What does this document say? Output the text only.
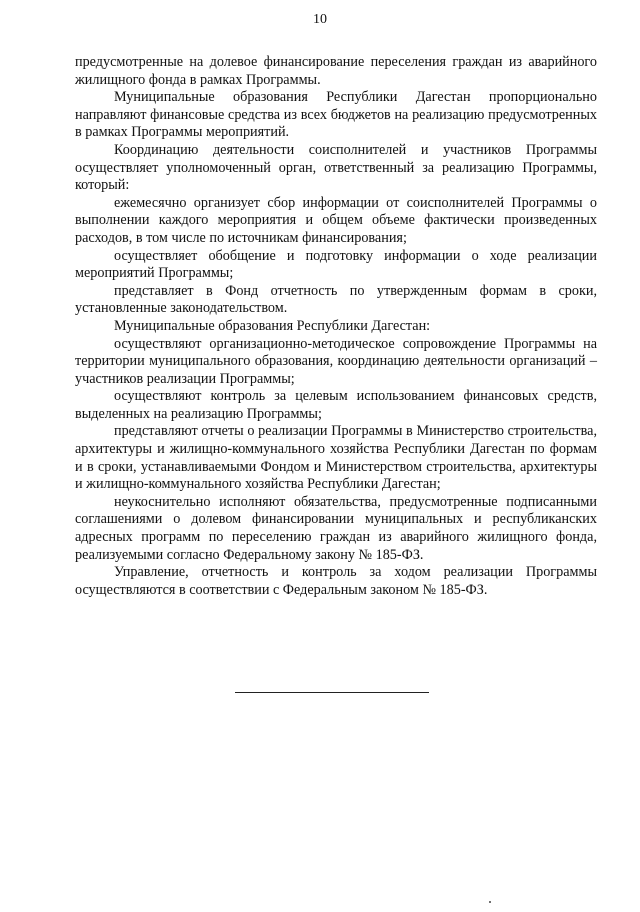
10

предусмотренные на долевое финансирование переселения граждан из аварийного жилищного фонда в рамках Программы.

Муниципальные образования Республики Дагестан пропорционально направляют финансовые средства из всех бюджетов на реализацию предусмотренных в рамках Программы мероприятий.

Координацию деятельности соисполнителей и участников Программы осуществляет уполномоченный орган, ответственный за реализацию Программы, который:

ежемесячно организует сбор информации от соисполнителей Программы о выполнении каждого мероприятия и общем объеме фактически произведенных расходов, в том числе по источникам финансирования;

осуществляет обобщение и подготовку информации о ходе реализации мероприятий Программы;

представляет в Фонд отчетность по утвержденным формам в сроки, установленные законодательством.

Муниципальные образования Республики Дагестан:

осуществляют организационно-методическое сопровождение Программы на территории муниципального образования, координацию деятельности организаций – участников реализации Программы;

осуществляют контроль за целевым использованием финансовых средств, выделенных на реализацию Программы;

представляют отчеты о реализации Программы в Министерство строительства, архитектуры и жилищно-коммунального хозяйства Республики Дагестан по формам и в сроки, устанавливаемыми Фондом и Министерством строительства, архитектуры и жилищно-коммунального хозяйства Республики Дагестан;

неукоснительно исполняют обязательства, предусмотренные подписанными соглашениями о долевом финансировании муниципальных и республиканских адресных программ по переселению граждан из аварийного жилищного фонда, реализуемыми согласно Федеральному закону № 185-ФЗ.

Управление, отчетность и контроль за ходом реализации Программы осуществляются в соответствии с Федеральным законом № 185-ФЗ.
